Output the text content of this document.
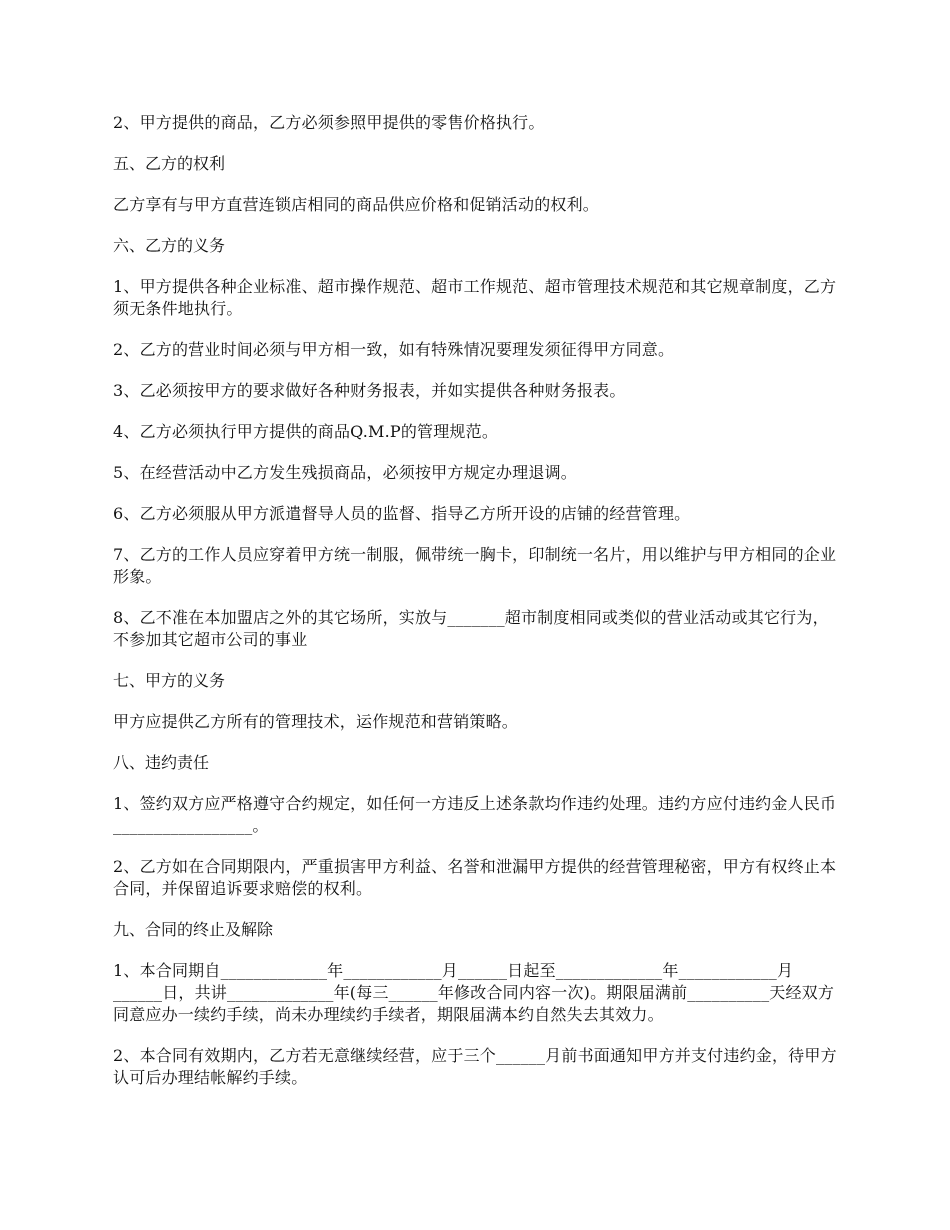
2、甲方提供的商品，乙方必须参照甲提供的零售价格执行。

五、乙方的权利

乙方享有与甲方直营连锁店相同的商品供应价格和促销活动的权利。

六、乙方的义务

1、甲方提供各种企业标准、超市操作规范、超市工作规范、超市管理技术规范和其它规章制度，乙方须无条件地执行。

2、乙方的营业时间必须与甲方相一致，如有特殊情况要理发须征得甲方同意。

3、乙必须按甲方的要求做好各种财务报表，并如实提供各种财务报表。

4、乙方必须执行甲方提供的商品Q.M.P的管理规范。

5、在经营活动中乙方发生残损商品，必须按甲方规定办理退调。

6、乙方必须服从甲方派遣督导人员的监督、指导乙方所开设的店铺的经营管理。

7、乙方的工作人员应穿着甲方统一制服，佩带统一胸卡，印制统一名片，用以维护与甲方相同的企业形象。

8、乙不准在本加盟店之外的其它场所，实放与_______超市制度相同或类似的营业活动或其它行为，不参加其它超市公司的事业

七、甲方的义务

甲方应提供乙方所有的管理技术，运作规范和营销策略。

八、违约责任

1、签约双方应严格遵守合约规定，如任何一方违反上述条款均作违约处理。违约方应付违约金人民币_________________。

2、乙方如在合同期限内，严重损害甲方利益、名誉和泄漏甲方提供的经营管理秘密，甲方有权终止本合同，并保留追诉要求赔偿的权利。

九、合同的终止及解除

1、本合同期自_____________年____________月______日起至_____________年____________月______日，共讲_____________年(每三______年修改合同内容一次)。期限届满前__________天经双方同意应办一续约手续，尚未办理续约手续者，期限届满本约自然失去其效力。

2、本合同有效期内，乙方若无意继续经营，应于三个______月前书面通知甲方并支付违约金，待甲方认可后办理结帐解约手续。
